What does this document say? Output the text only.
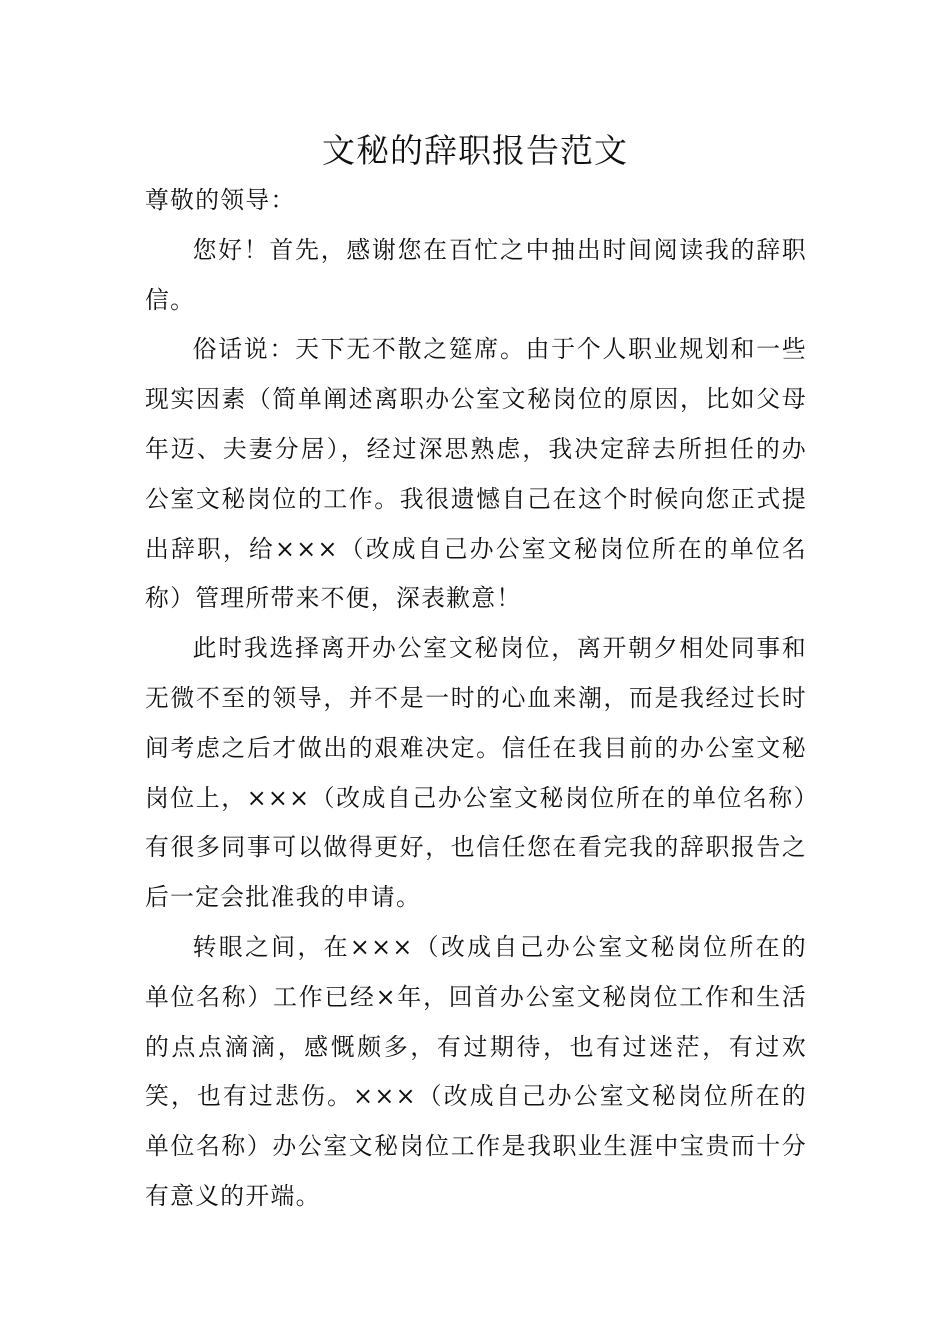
文秘的辞职报告范文

尊敬的领导：

您好！首先，感谢您在百忙之中抽出时间阅读我的辞职信。

俗话说：天下无不散之筵席。由于个人职业规划和一些现实因素（简单阐述离职办公室文秘岗位的原因，比如父母年迈、夫妻分居），经过深思熟虑，我决定辞去所担任的办公室文秘岗位的工作。我很遗憾自己在这个时候向您正式提出辞职，给×××（改成自己办公室文秘岗位所在的单位名称）管理所带来不便，深表歉意！

此时我选择离开办公室文秘岗位，离开朝夕相处同事和无微不至的领导，并不是一时的心血来潮，而是我经过长时间考虑之后才做出的艰难决定。信任在我目前的办公室文秘岗位上，×××（改成自己办公室文秘岗位所在的单位名称）有很多同事可以做得更好，也信任您在看完我的辞职报告之后一定会批准我的申请。

转眼之间，在×××（改成自己办公室文秘岗位所在的单位名称）工作已经×年，回首办公室文秘岗位工作和生活的点点滴滴，感慨颇多，有过期待，也有过迷茫，有过欢笑，也有过悲伤。×××（改成自己办公室文秘岗位所在的单位名称）办公室文秘岗位工作是我职业生涯中宝贵而十分有意义的开端。
